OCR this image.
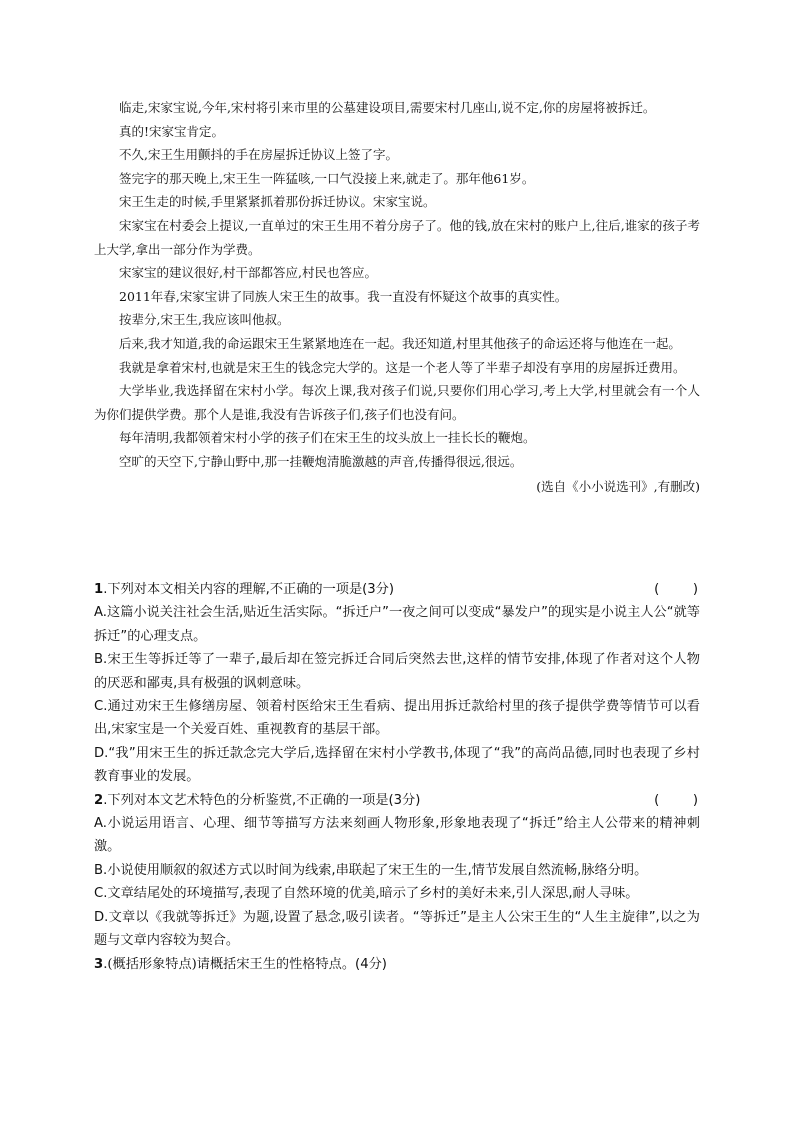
临走,宋家宝说,今年,宋村将引来市里的公墓建设项目,需要宋村几座山,说不定,你的房屋将被拆迁。

真的!宋家宝肯定。

不久,宋王生用颤抖的手在房屋拆迁协议上签了字。

签完字的那天晚上,宋王生一阵猛咳,一口气没接上来,就走了。那年他61岁。

宋王生走的时候,手里紧紧抓着那份拆迁协议。宋家宝说。

宋家宝在村委会上提议,一直单过的宋王生用不着分房子了。他的钱,放在宋村的账户上,往后,谁家的孩子考上大学,拿出一部分作为学费。

宋家宝的建议很好,村干部都答应,村民也答应。

2011年春,宋家宝讲了同族人宋王生的故事。我一直没有怀疑这个故事的真实性。

按辈分,宋王生,我应该叫他叔。

后来,我才知道,我的命运跟宋王生紧紧地连在一起。我还知道,村里其他孩子的命运还将与他连在一起。

我就是拿着宋村,也就是宋王生的钱念完大学的。这是一个老人等了半辈子却没有享用的房屋拆迁费用。

大学毕业,我选择留在宋村小学。每次上课,我对孩子们说,只要你们用心学习,考上大学,村里就会有一个人为你们提供学费。那个人是谁,我没有告诉孩子们,孩子们也没有问。

每年清明,我都领着宋村小学的孩子们在宋王生的坟头放上一挂长长的鞭炮。

空旷的天空下,宁静山野中,那一挂鞭炮清脆激越的声音,传播得很远,很远。

(选自《小小说选刊》,有删改)
1.下列对本文相关内容的理解,不正确的一项是(3分)	(        )

A.这篇小说关注社会生活,贴近生活实际。“拆迁户”一夜之间可以变成“暴发户”的现实是小说主人公“就等拆迁”的心理支点。

B.宋王生等拆迁等了一辈子,最后却在签完拆迁合同后突然去世,这样的情节安排,体现了作者对这个人物的厌恶和鄙夷,具有极强的讽刺意味。

C.通过劝宋王生修缮房屋、领着村医给宋王生看病、提出用拆迁款给村里的孩子提供学费等情节可以看出,宋家宝是一个关爱百姓、重视教育的基层干部。

D.“我”用宋王生的拆迁款念完大学后,选择留在宋村小学教书,体现了“我”的高尚品德,同时也表现了乡村教育事业的发展。

2.下列对本文艺术特色的分析鉴赏,不正确的一项是(3分)	(        )

A.小说运用语言、心理、细节等描写方法来刻画人物形象,形象地表现了“拆迁”给主人公带来的精神刺激。

B.小说使用顺叙的叙述方式以时间为线索,串联起了宋王生的一生,情节发展自然流畅,脉络分明。

C.文章结尾处的环境描写,表现了自然环境的优美,暗示了乡村的美好未来,引人深思,耐人寻味。

D.文章以《我就等拆迁》为题,设置了悬念,吸引读者。“等拆迁”是主人公宋王生的“人生主旋律”,以之为题与文章内容较为契合。

3.(概括形象特点)请概括宋王生的性格特点。(4分)
